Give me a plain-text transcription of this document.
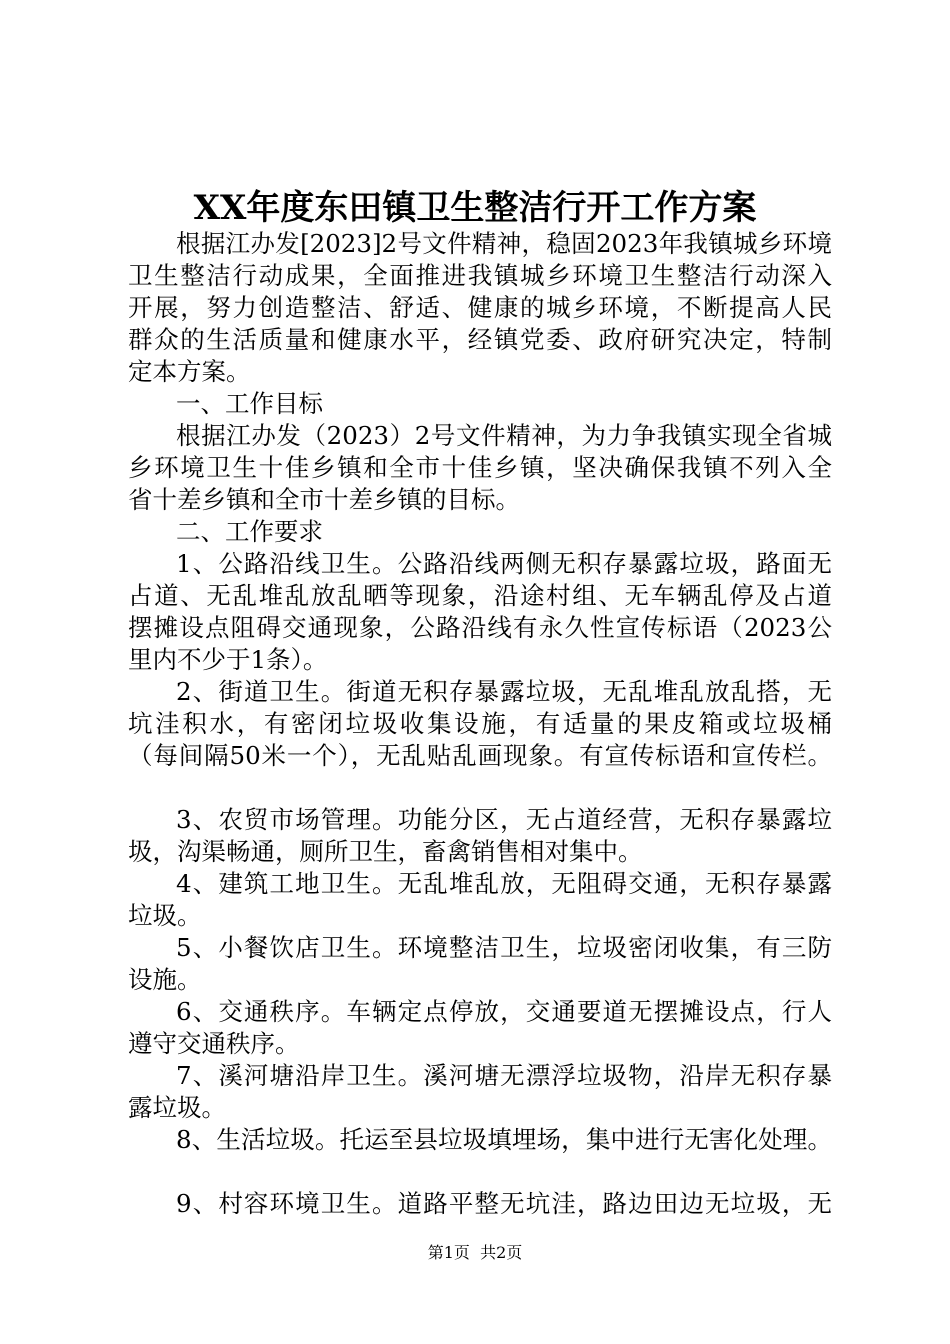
XX年度东田镇卫生整洁行开工作方案
根据江办发[2023]2号文件精神，稳固2023年我镇城乡环境
卫生整洁行动成果，全面推进我镇城乡环境卫生整洁行动深入
开展，努力创造整洁、舒适、健康的城乡环境，不断提高人民
群众的生活质量和健康水平，经镇党委、政府研究决定，特制
定本方案。
一、工作目标
根据江办发（2023）2号文件精神，为力争我镇实现全省城
乡环境卫生十佳乡镇和全市十佳乡镇，坚决确保我镇不列入全
省十差乡镇和全市十差乡镇的目标。
二、工作要求
1、公路沿线卫生。公路沿线两侧无积存暴露垃圾，路面无
占道、无乱堆乱放乱晒等现象，沿途村组、无车辆乱停及占道
摆摊设点阻碍交通现象，公路沿线有永久性宣传标语（2023公
里内不少于1条）。
2、街道卫生。街道无积存暴露垃圾，无乱堆乱放乱搭，无
坑洼积水，有密闭垃圾收集设施，有适量的果皮箱或垃圾桶
（每间隔50米一个），无乱贴乱画现象。有宣传标语和宣传栏。
3、农贸市场管理。功能分区，无占道经营，无积存暴露垃
圾，沟渠畅通，厕所卫生，畜禽销售相对集中。
4、建筑工地卫生。无乱堆乱放，无阻碍交通，无积存暴露
垃圾。
5、小餐饮店卫生。环境整洁卫生，垃圾密闭收集，有三防
设施。
6、交通秩序。车辆定点停放，交通要道无摆摊设点，行人
遵守交通秩序。
7、溪河塘沿岸卫生。溪河塘无漂浮垃圾物，沿岸无积存暴
露垃圾。
8、生活垃圾。托运至县垃圾填埋场，集中进行无害化处理。
9、村容环境卫生。道路平整无坑洼，路边田边无垃圾，无
第1页  共2页
